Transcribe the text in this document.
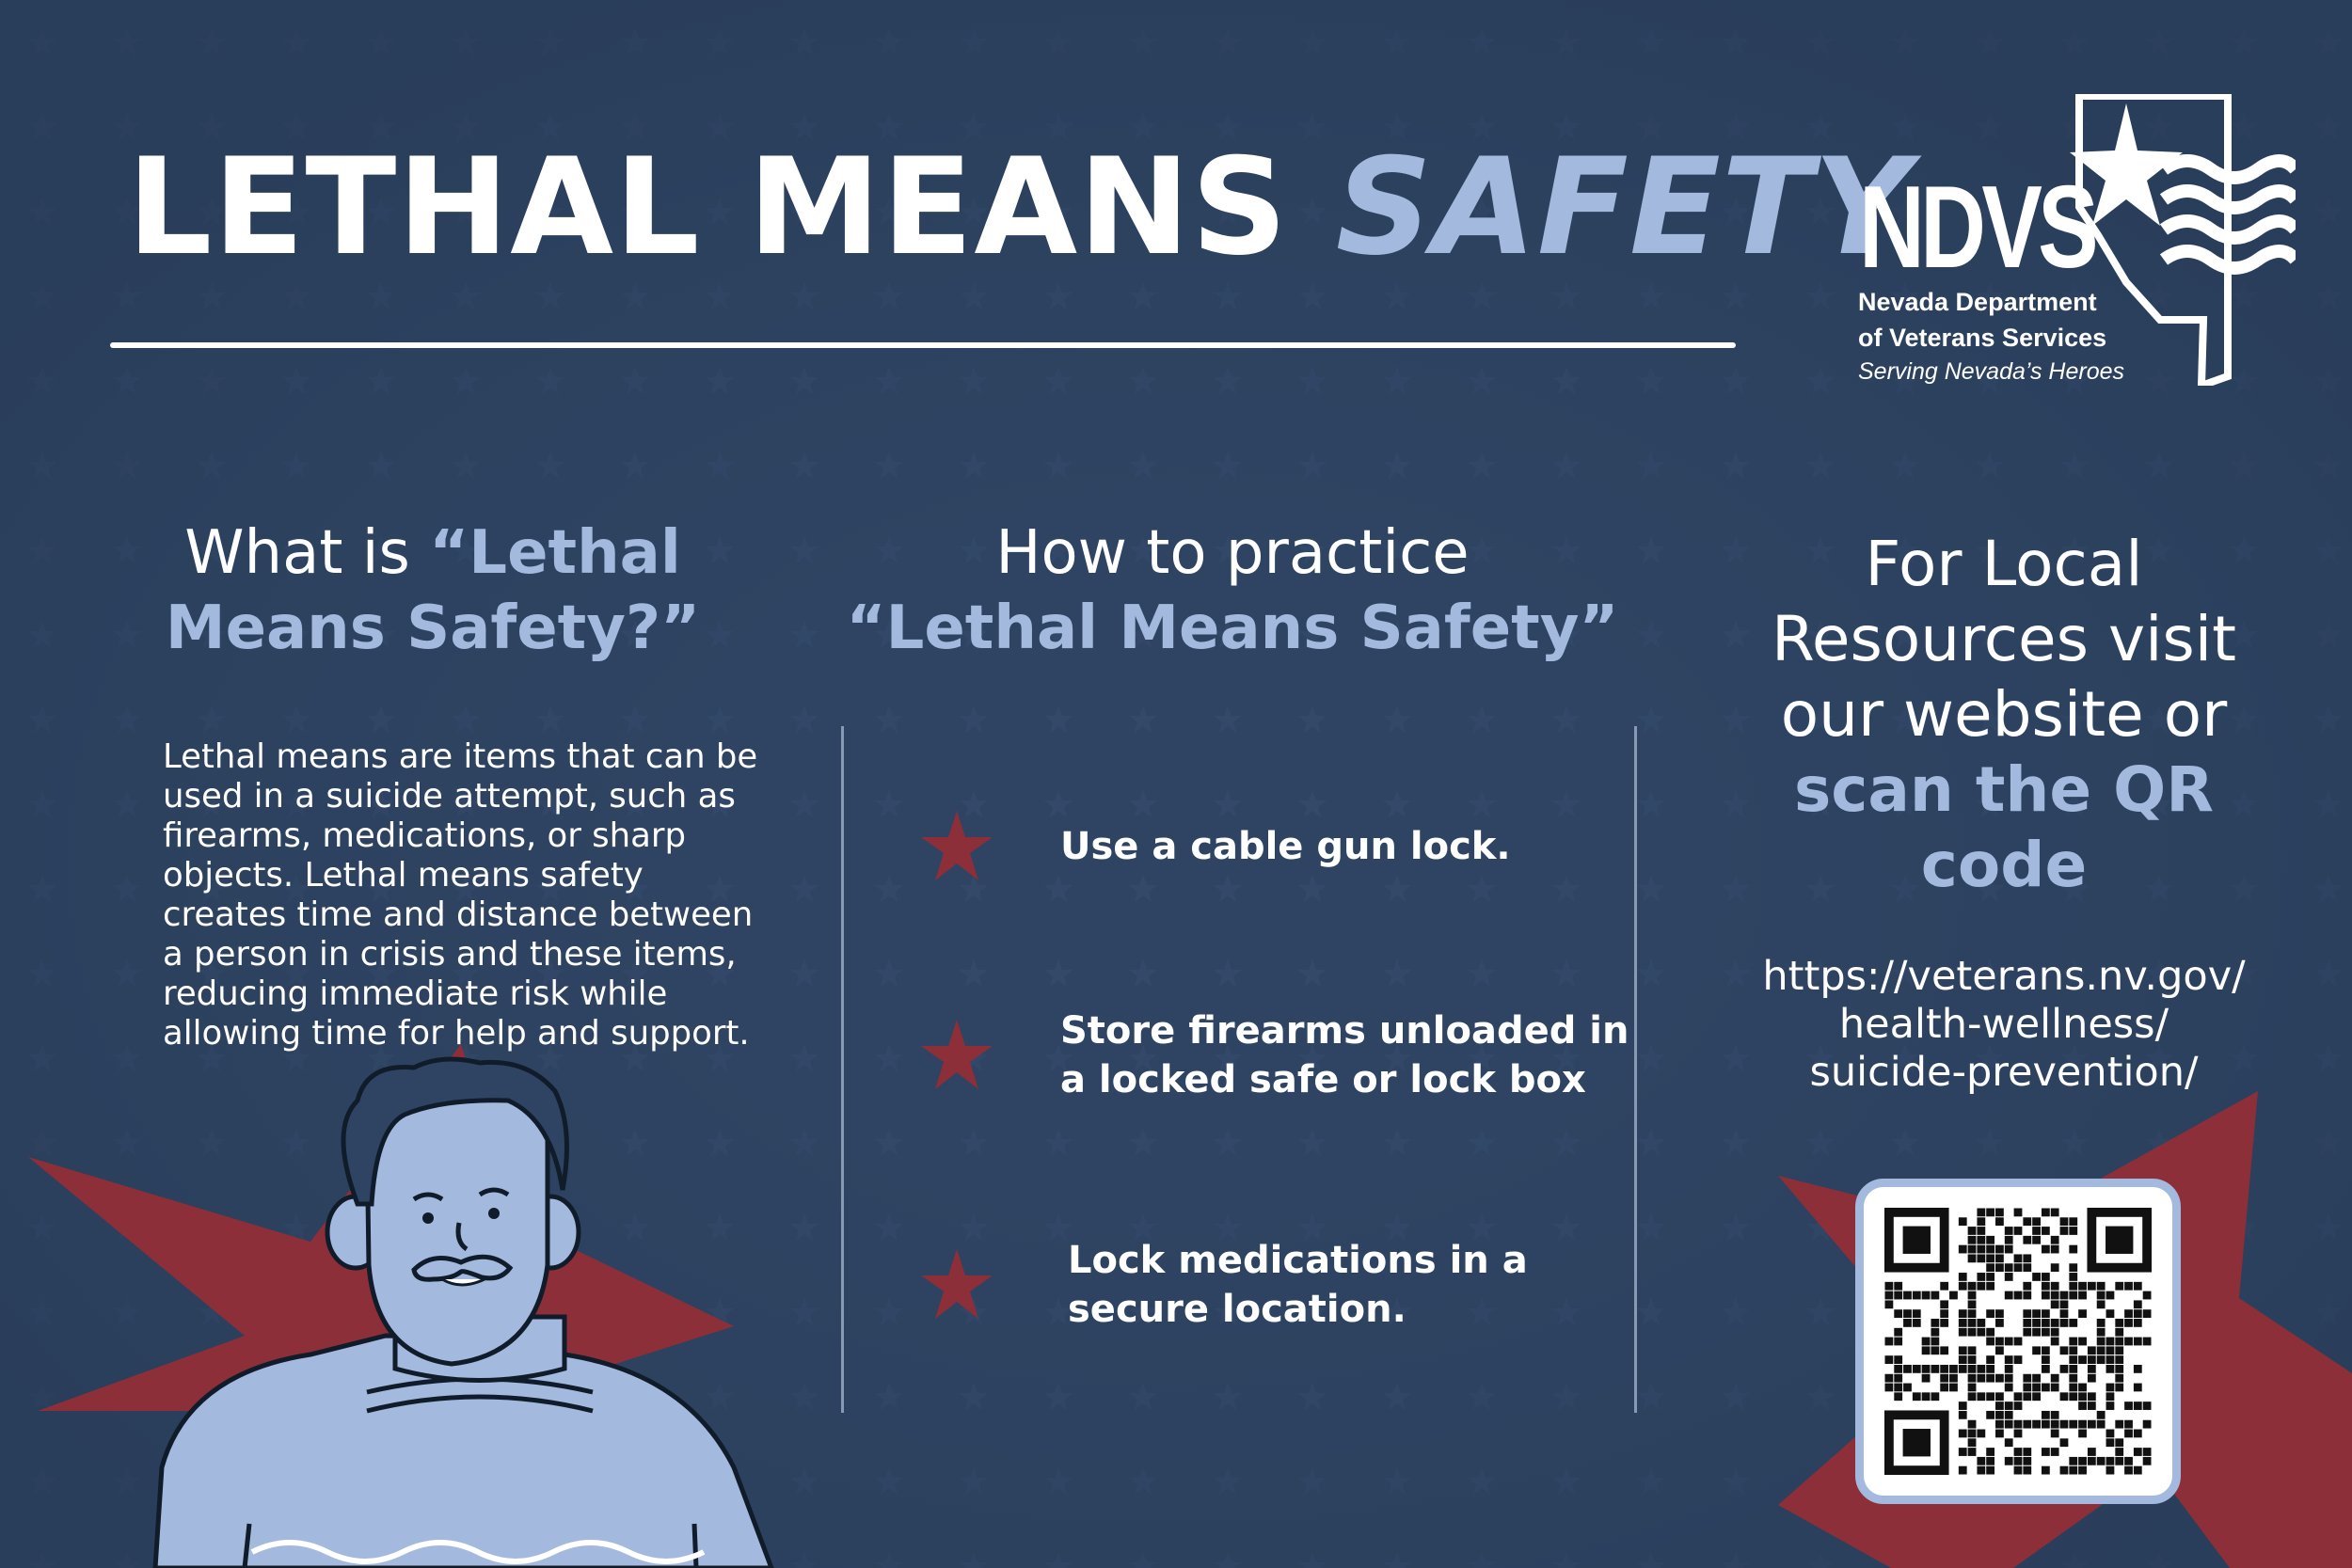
LETHAL MEANS SAFETY
NDVS
Nevada Department
of Veterans Services
Serving Nevada’s Heroes
What is “Lethal Means Safety?”
Lethal means are items that can be used in a suicide attempt, such as firearms, medications, or sharp objects. Lethal means safety creates time and distance between a person in crisis and these items, reducing immediate risk while allowing time for help and support.
How to practice
“Lethal Means Safety”
Use a cable gun lock.
Store firearms unloaded in
a locked safe or lock box
Lock medications in a
secure location.
For Local Resources visit our website or scan the QR code
https://veterans.nv.gov/
health-wellness/
suicide-prevention/
